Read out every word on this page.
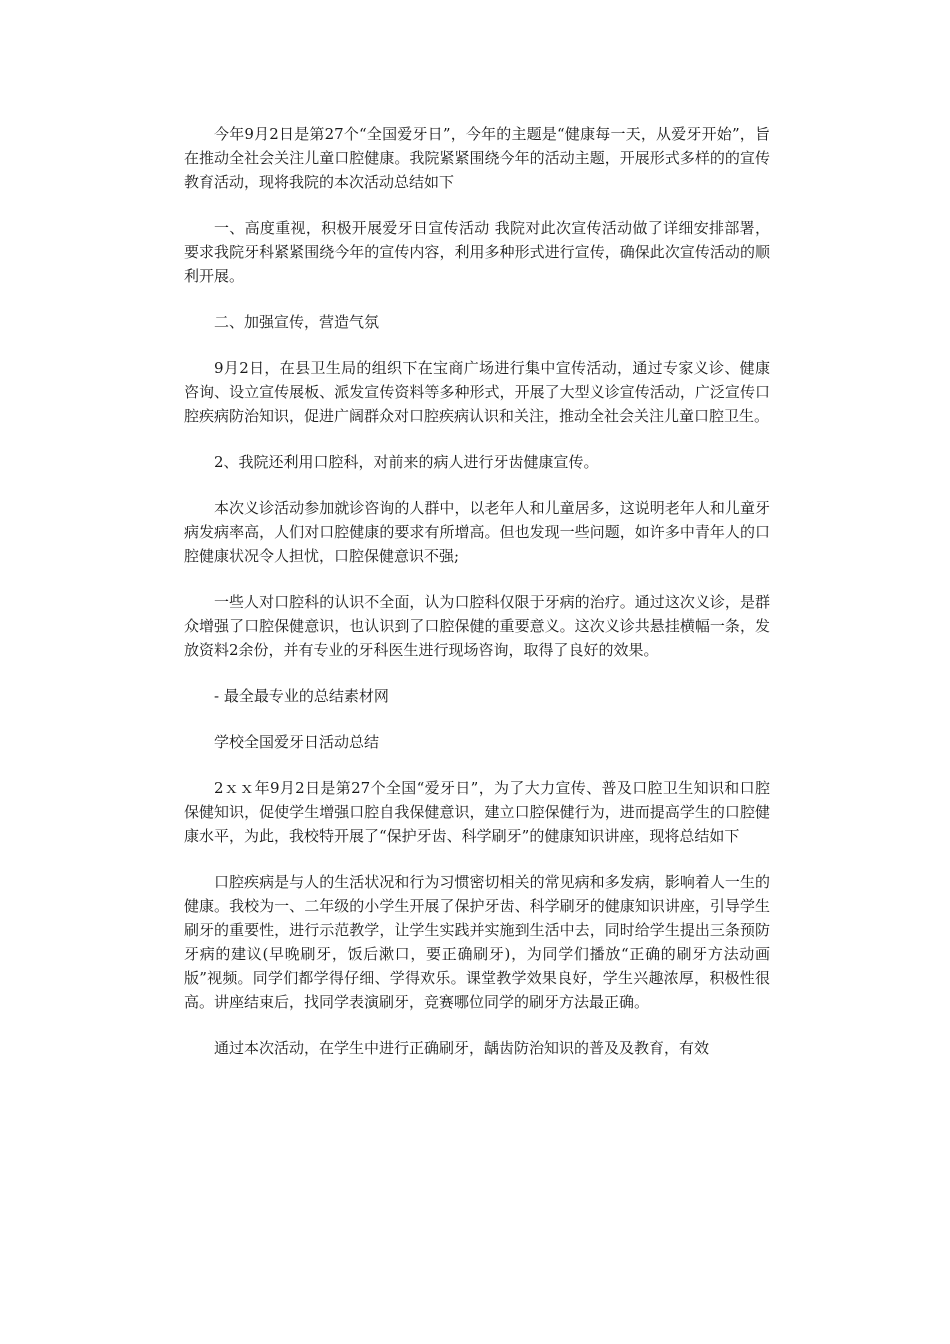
今年9月2日是第27个“全国爱牙日”，今年的主题是“健康每一天，从爱牙开始”，旨在推动全社会关注儿童口腔健康。我院紧紧围绕今年的活动主题，开展形式多样的的宣传教育活动，现将我院的本次活动总结如下

一、高度重视，积极开展爱牙日宣传活动 我院对此次宣传活动做了详细安排部署，要求我院牙科紧紧围绕今年的宣传内容，利用多种形式进行宣传，确保此次宣传活动的顺利开展。

二、加强宣传，营造气氛

9月2日，在县卫生局的组织下在宝商广场进行集中宣传活动，通过专家义诊、健康咨询、设立宣传展板、派发宣传资料等多种形式，开展了大型义诊宣传活动，广泛宣传口腔疾病防治知识，促进广阔群众对口腔疾病认识和关注，推动全社会关注儿童口腔卫生。

2、我院还利用口腔科，对前来的病人进行牙齿健康宣传。

本次义诊活动参加就诊咨询的人群中，以老年人和儿童居多，这说明老年人和儿童牙病发病率高，人们对口腔健康的要求有所增高。但也发现一些问题，如许多中青年人的口腔健康状况令人担忧，口腔保健意识不强;

一些人对口腔科的认识不全面，认为口腔科仅限于牙病的治疗。通过这次义诊，是群众增强了口腔保健意识，也认识到了口腔保健的重要意义。这次义诊共悬挂横幅一条，发放资料2余份，并有专业的牙科医生进行现场咨询，取得了良好的效果。

- 最全最专业的总结素材网

学校全国爱牙日活动总结

2ｘｘ年9月2日是第27个全国“爱牙日”，为了大力宣传、普及口腔卫生知识和口腔保健知识，促使学生增强口腔自我保健意识，建立口腔保健行为，进而提高学生的口腔健康水平，为此，我校特开展了“保护牙齿、科学刷牙”的健康知识讲座，现将总结如下

口腔疾病是与人的生活状况和行为习惯密切相关的常见病和多发病，影响着人一生的健康。我校为一、二年级的小学生开展了保护牙齿、科学刷牙的健康知识讲座，引导学生刷牙的重要性，进行示范教学，让学生实践并实施到生活中去，同时给学生提出三条预防牙病的建议(早晚刷牙，饭后漱口，要正确刷牙)，为同学们播放“正确的刷牙方法动画版”视频。同学们都学得仔细、学得欢乐。课堂教学效果良好，学生兴趣浓厚，积极性很高。讲座结束后，找同学表演刷牙，竞赛哪位同学的刷牙方法最正确。

通过本次活动，在学生中进行正确刷牙，龋齿防治知识的普及及教育，有效
